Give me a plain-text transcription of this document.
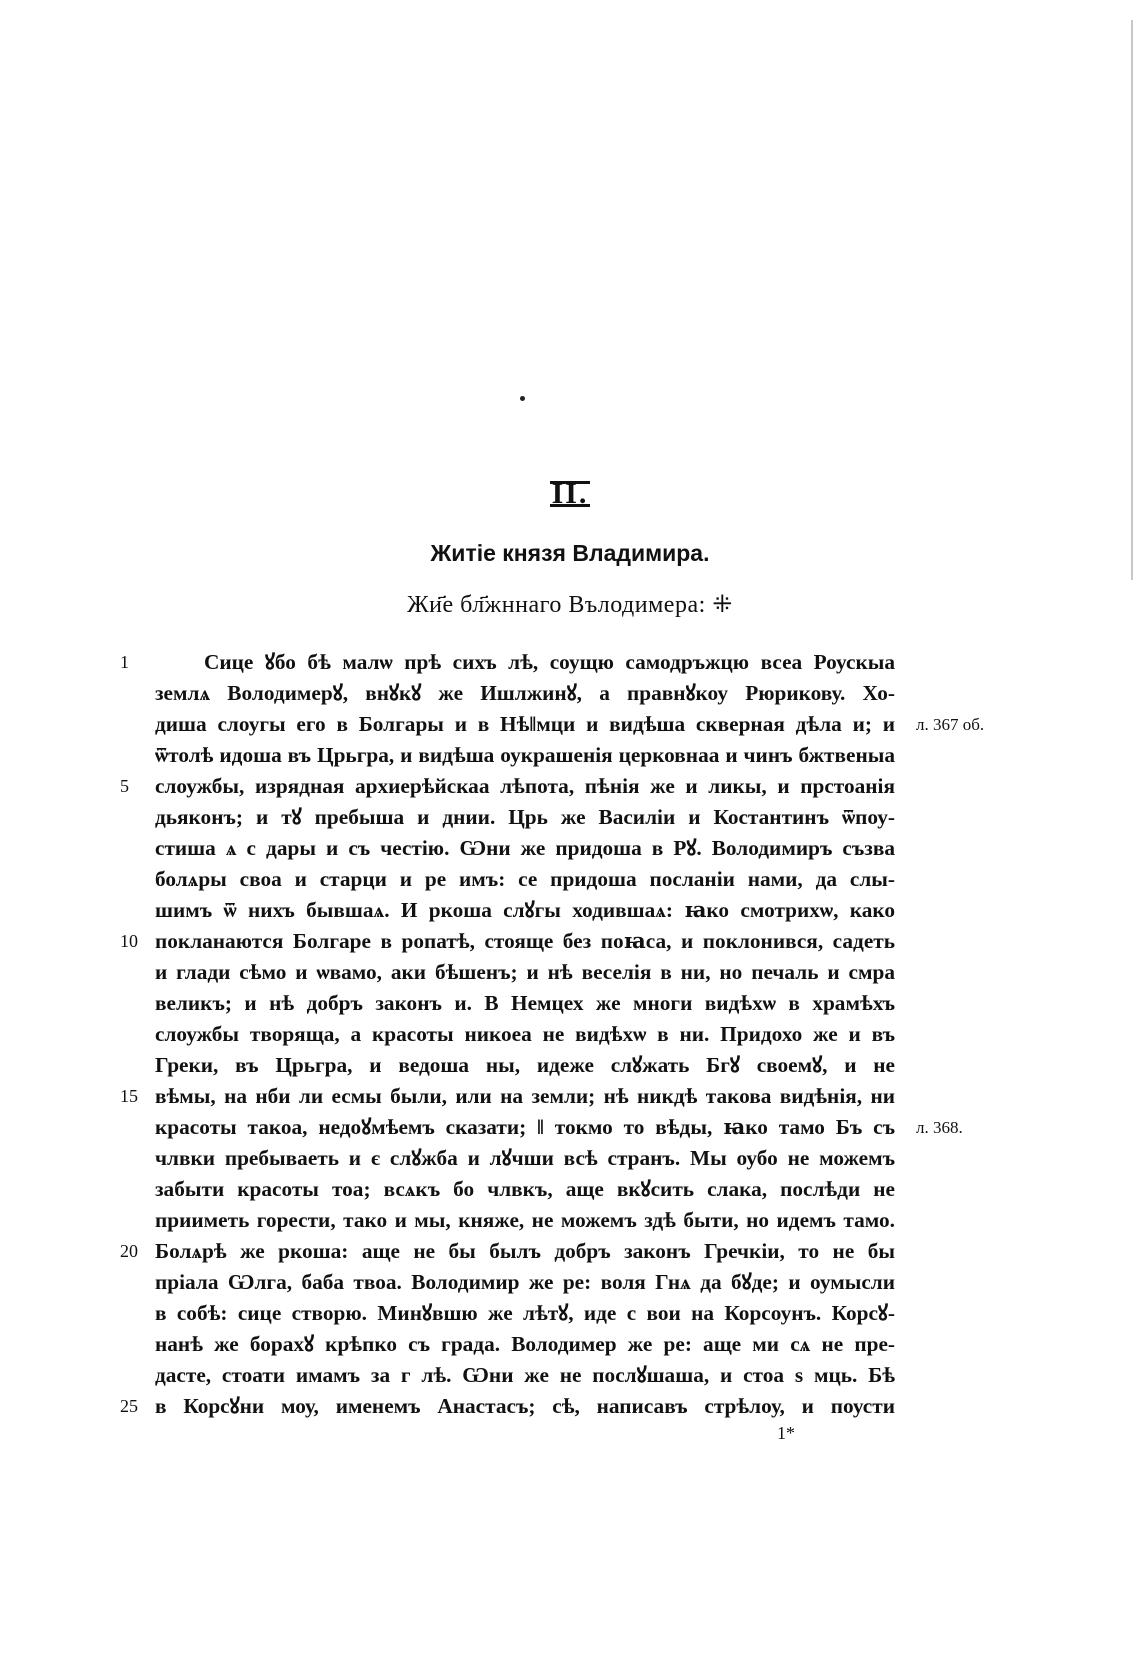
II.
Житіе князя Владимира.
Жи҃е бл҃жннаго Вълодимера: ⁜
Сице ꙋбо бѣ малѡ прѣ сихъ лѣ, соущю самодръжцю всеа Роускыа
землѧ Володимерꙋ, внꙋкꙋ же Ишлжинꙋ, а правнꙋкоу Рюрикову. Хо-
диша слоугы его в Болгары и в Нѣ‖мци и видѣша скверная дѣла и; и
ѿтолѣ идоша въ Црьгра, и видѣша оукрашенія церковнаа и чинъ бжтвеныа
слоужбы, изрядная архиерѣйскаа лѣпота, пѣнія же и ликы, и прстоанія
дьяконъ; и тꙋ пребыша и днии. Црь же Василіи и Костантинъ ѿпоу-
стиша ѧ с дары и съ честію. Ѡни же придоша в Рꙋ. Володимиръ съзва
болѧры своа и старци и ре имъ: се придоша посланіи нами, да слы-
шимъ ѿ нихъ бывшаѧ. И ркоша слꙋгы ходившаѧ: ꙗко смотрихѡ, како
покланаются Болгаре в ропатѣ, стояще без поꙗса, и поклонився, садеть
и глади сѣмо и ѡвамо, аки бѣшенъ; и нѣ веселія в ни, но печаль и смра
великъ; и нѣ добръ законъ и. В Немцех же многи видѣхѡ в храмѣхъ
слоужбы творяща, а красоты никоеа не видѣхѡ в ни. Придохо же и въ
Греки, въ Црьгра, и ведоша ны, идеже слꙋжать Бгꙋ своемꙋ, и не
вѣмы, на нби ли есмы были, или на земли; нѣ никдѣ такова видѣнія, ни
красоты такоа, недоꙋмѣемъ сказати; ‖ токмо то вѣды, ꙗко тамо Бъ съ
члвки пребываеть и є слꙋжба и лꙋчши всѣ странъ. Мы оубо не можемъ
забыти красоты тоа; всѧкъ бо члвкъ, аще вкꙋсить слака, послѣди не
прииметь горести, тако и мы, княже, не можемъ здѣ быти, но идемъ тамо.
Болѧрѣ же ркоша: аще не бы былъ добръ законъ Гречкіи, то не бы
пріала Ѡлга, баба твоа. Володимир же ре: воля Гнѧ да бꙋде; и оумысли
в собѣ: сице створю. Минꙋвшю же лѣтꙋ, иде с вои на Корсоунъ. Корсꙋ-
нанѣ же борахꙋ крѣпко съ града. Володимер же ре: аще ми сѧ не пре-
дасте, стоати имамъ за г лѣ. Ѡни же не послꙋшаша, и стоа ѕ мць. Бѣ
в Корсꙋни моу, именемъ Анастасъ; сѣ, написавъ стрѣлоу, и поусти
л. 367 об.
л. 368.
1*
1
5
10
15
20
25
